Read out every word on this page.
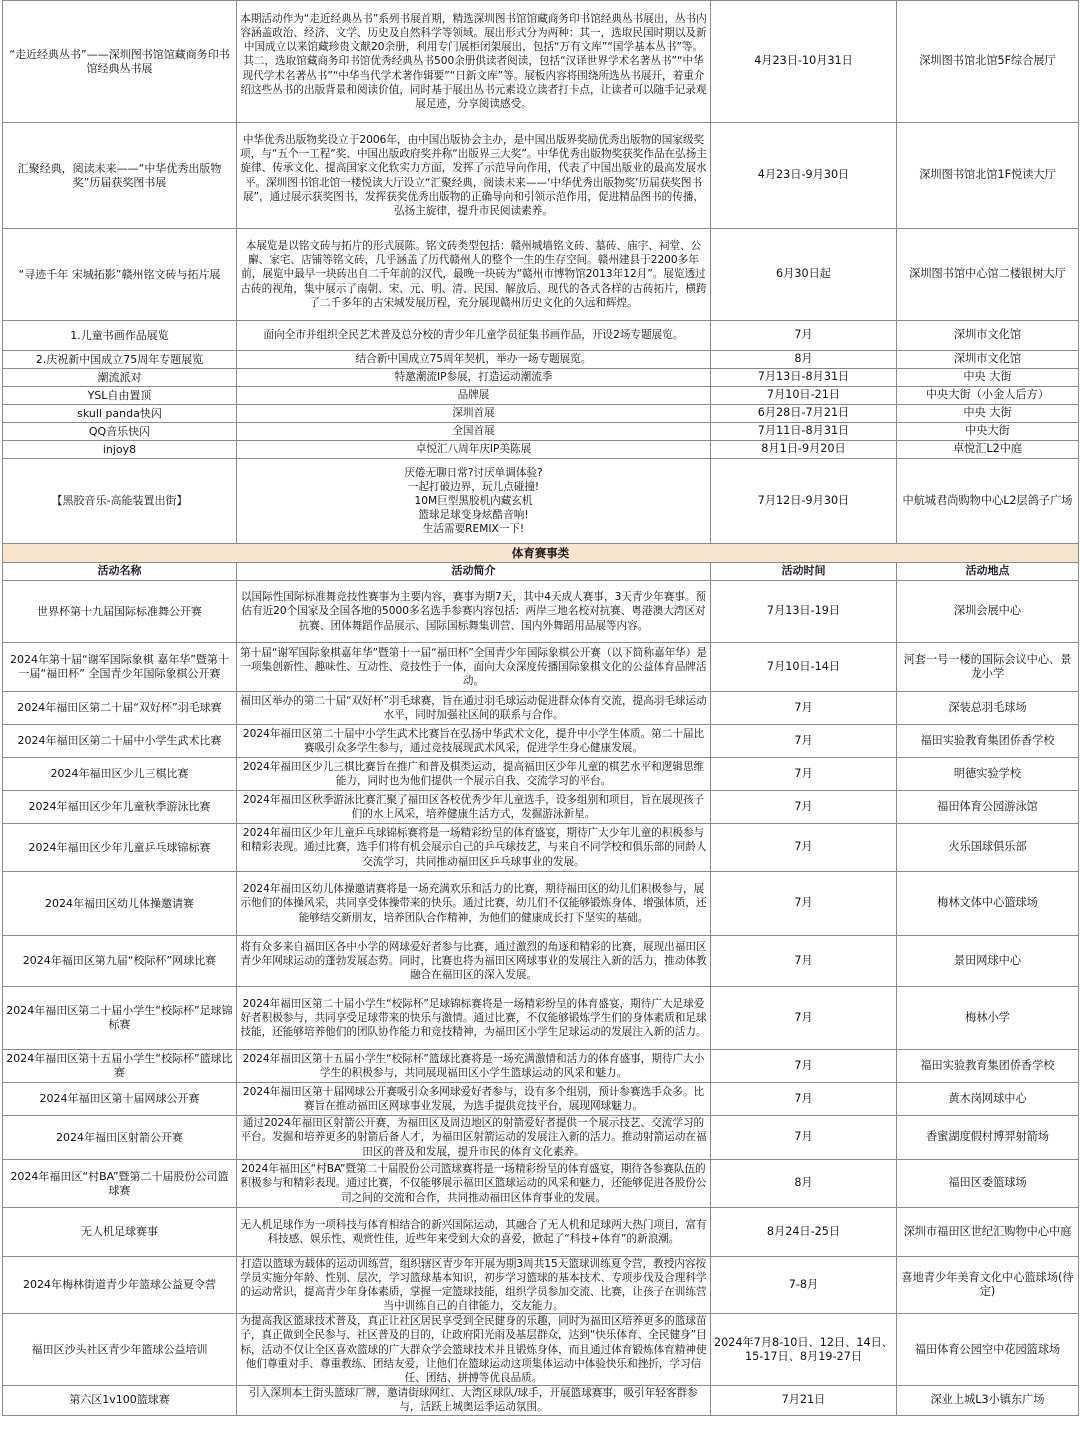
“走近经典丛书”——深圳图书馆馆藏商务印书馆经典丛书展	本期活动作为“走近经典丛书”系列书展首期，精选深圳图书馆馆藏商务印书馆经典丛书展出，丛书内容涵盖政治、经济、文学、历史及自然科学等领域。展出形式分为两种：其一，选取民国时期以及新中国成立以来馆藏珍贵文献20余册，利用专门展柜闭架展出，包括“万有文库”“国学基本丛书”等。其二，选取馆藏商务印书馆优秀经典丛书500余册供读者阅读，包括“汉译世界学术名著丛书”“中华现代学术名著丛书”“中华当代学术著作辑要”“日新文库”等。展板内容将围绕所选丛书展开，着重介绍这些丛书的出版背景和阅读价值，同时基于展出丛书元素设立读者打卡点，让读者可以随手记录观展足迹，分享阅读感受。	4月23日-10月31日	深圳图书馆北馆5F综合展厅
汇聚经典，阅读未来——“中华优秀出版物奖”历届获奖图书展	中华优秀出版物奖设立于2006年，由中国出版协会主办，是中国出版界奖励优秀出版物的国家级奖项，与“五个一工程”奖、中国出版政府奖并称“出版界三大奖”。中华优秀出版物奖获奖作品在弘扬主旋律、传承文化、提高国家文化软实力方面，发挥了示范导向作用，代表了中国出版业的最高发展水平。深圳图书馆北馆一楼悦读大厅设立“汇聚经典，阅读未来——‘中华优秀出版物奖’历届获奖图书展”，通过展示获奖图书，发挥获奖优秀出版物的正确导向和引领示范作用，促进精品图书的传播，弘扬主旋律，提升市民阅读素养。	4月23日-9月30日	深圳图书馆北馆1F悦读大厅
“寻迹千年 宋城拓影”赣州铭文砖与拓片展	本展览是以铭文砖与拓片的形式展陈。铭文砖类型包括：赣州城墙铭文砖、墓砖、庙宇、祠堂、公廨、家宅、店铺等铭文砖，几乎涵盖了历代赣州人的整个一生的生存空间。赣州建县于2200多年前，展览中最早一块砖出自二千年前的汉代，最晚一块砖为“赣州市博物馆2013年12月”。展览透过古砖的视角，集中展示了南朝、宋、元、明、清、民国、解放后、现代的各式各样的古砖拓片，横跨了二千多年的古宋城发展历程，充分展现赣州历史文化的久远和辉煌。	6月30日起	深圳图书馆中心馆二楼银树大厅
1.儿童书画作品展览	面向全市并组织全民艺术普及总分校的青少年儿童学员征集书画作品，开设2场专题展览。	7月	深圳市文化馆
2.庆祝新中国成立75周年专题展览	结合新中国成立75周年契机，举办一场专题展览。	8月	深圳市文化馆
潮流派对	特邀潮流IP参展，打造运动潮流季	7月13日-8月31日	中央 大街
YSL自由置顶	品牌展	7月10日-21日	中央大街（小金人后方）
skull panda快闪	深圳首展	6月28日-7月21日	中央 大街
QQ音乐快闪	全国首展	7月11日-8月31日	中央大街
injoy8	卓悦汇八周年庆IP美陈展	8月1日-9月20日	卓悦汇L2中庭
【黑胶音乐-高能装置出街】	厌倦无聊日常?讨厌单调体验?
一起打破边界，玩儿点碰撞!
10M巨型黑胶机内藏玄机
篮球足球变身炫酷音响!
生活需要REMIX一下!	7月12日-9月30日	中航城君尚购物中心L2层鸽子广场
体育赛事类			
活动名称	活动简介	活动时间	活动地点
世界杯第十九届国际标准舞公开赛	以国际性国际标准舞竞技性赛事为主要内容，赛事为期7天，其中4天成人赛事，3天青少年赛事。预估有近20个国家及全国各地的5000多名选手参赛内容包括：两岸三地名校对抗赛、粤港澳大湾区对抗赛、团体舞蹈作品展示、国际国标舞集训营、国内外舞蹈用品展等内容。	7月13日-19日	深圳会展中心
2024年第十届“谢军国际象棋 嘉年华”暨第十一届“福田杯” 全国青少年国际象棋公开赛	第十届“谢军国际象棋嘉年华”暨第十一届“福田杯”全国青少年国际象棋公开赛（以下简称嘉年华）是一项集创新性、趣味性、互动性、竞技性于一体，面向大众深度传播国际象棋文化的公益体育品牌活动。	7月10日-14日	河套一号一楼的国际会议中心、景龙小学
2024年福田区第二十届“双好杯”羽毛球赛	福田区举办的第二十届“双好杯”羽毛球赛，旨在通过羽毛球运动促进群众体育交流，提高羽毛球运动水平，同时加强社区间的联系与合作。	7月	深装总羽毛球场
2024年福田区第二十届中小学生武术比赛	2024年福田区第二十届中小学生武术比赛旨在弘扬中华武术文化，提升中小学生体质。第二十届比赛吸引众多学生参与，通过竞技展现武术风采，促进学生身心健康发展。	7月	福田实验教育集团侨香学校
2024年福田区少儿三棋比赛	2024年福田区少儿三棋比赛旨在推广和普及棋类运动，提高福田区少年儿童的棋艺水平和逻辑思维能力，同时也为他们提供一个展示自我、交流学习的平台。	7月	明德实验学校
2024年福田区少年儿童秋季游泳比赛	2024年福田区秋季游泳比赛汇聚了福田区各校优秀少年儿童选手，设多组别和项目，旨在展现孩子们的水上风采，培养健康生活方式，发掘游泳新星。	7月	福田体育公园游泳馆
2024年福田区少年儿童乒乓球锦标赛	2024年福田区少年儿童乒乓球锦标赛将是一场精彩纷呈的体育盛宴，期待广大少年儿童的积极参与和精彩表现。通过比赛，选手们将有机会展示自己的乒乓球技艺，与来自不同学校和俱乐部的同龄人交流学习，共同推动福田区乒乓球事业的发展。	7月	火乐国球俱乐部
2024年福田区幼儿体操邀请赛	2024年福田区幼儿体操邀请赛将是一场充满欢乐和活力的比赛，期待福田区的幼儿们积极参与，展示他们的体操风采，共同享受体操带来的快乐。通过比赛，幼儿们不仅能够锻炼身体、增强体质，还能够结交新朋友，培养团队合作精神，为他们的健康成长打下坚实的基础。	7月	梅林文体中心篮球场
2024年福田区第九届“校际杯”网球比赛	将有众多来自福田区各中小学的网球爱好者参与比赛，通过激烈的角逐和精彩的比赛，展现出福田区青少年网球运动的蓬勃发展态势。同时，比赛也将为福田区网球事业的发展注入新的活力，推动体教融合在福田区的深入发展。	7月	景田网球中心
2024年福田区第二十届小学生“校际杯”足球锦标赛	2024年福田区第二十届小学生“校际杯”足球锦标赛将是一场精彩纷呈的体育盛宴，期待广大足球爱好者积极参与，共同享受足球带来的快乐与激情。通过比赛，不仅能够锻炼学生们的身体素质和足球技能，还能够培养他们的团队协作能力和竞技精神，为福田区小学生足球运动的发展注入新的活力。	7月	梅林小学
2024年福田区第十五届小学生“校际杯”篮球比赛	2024年福田区第十五届小学生“校际杯”篮球比赛将是一场充满激情和活力的体育盛事，期待广大小学生的积极参与，共同展现福田区小学生篮球运动的风采和魅力。	7月	福田实验教育集团侨香学校
2024年福田区第十届网球公开赛	2024年福田区第十届网球公开赛吸引众多网球爱好者参与，设有多个组别，预计参赛选手众多。比赛旨在推动福田区网球事业发展，为选手提供竞技平台，展现网球魅力。	7月	黄木岗网球中心
2024年福田区射箭公开赛	通过2024年福田区射箭公开赛，为福田区及周边地区的射箭爱好者提供一个展示技艺、交流学习的平台。发掘和培养更多的射箭后备人才，为福田区射箭运动的发展注入新的活力。推动射箭运动在福田区的普及和发展，提升市民的体育文化素养。	7月	香蜜湖度假村博羿射箭场
2024年福田区“村BA”暨第二十届股份公司篮球赛	2024年福田区“村BA”暨第二十届股份公司篮球赛将是一场精彩纷呈的体育盛宴，期待各参赛队伍的积极参与和精彩表现。通过比赛，不仅能够展示福田区篮球运动的风采和魅力，还能够促进各股份公司之间的交流和合作，共同推动福田区体育事业的发展。	8月	福田区委篮球场
无人机足球赛事	无人机足球作为一项科技与体育相结合的新兴国际运动，其融合了无人机和足球两大热门项目，富有科技感、娱乐性、观赏性佳，近些年来受到大众的喜爱，掀起了“科技+体育”的新浪潮。	8月24日-25日	深圳市福田区世纪汇购物中心中庭
2024年梅林街道青少年篮球公益夏令营	打造以篮球为载体的运动训练营，组织辖区青少年开展为期3周共15天篮球训练夏令营，教授内容按学员实施分年龄、性别、层次，学习篮球基本知识，初步学习篮球的基本技术、专项步伐及合理科学的运动常识，提高青少年身体素质，掌握一定篮球技能，组织学员参加交流、比赛，让孩子在训练营当中训练自己的自律能力，交友能力。	7-8月	喜地青少年美育文化中心篮球场(待定)
福田区沙头社区青少年篮球公益培训	为提高我区篮球技术普及，真正让社区居民享受到全民健身的乐趣，同时为福田区培养更多的篮球苗子，真正做到全民参与、社区普及的目的，让政府阳光雨及基层群众，达到“快乐体育、全民健身”目标，活动不仅让全区喜欢篮球的广大群众学会篮球技术并且锻炼身体，而且通过体育锻炼体育精神使他们尊重对手、尊重教练、团结友爱，让他们在篮球运动这项集体运动中体验快乐和挫折，学习信任、团结、拼搏等优良品质。	2024年7月8-10日、12日、14日、15-17日、8月19-27日	福田体育公园空中花园篮球场
第六区1v100篮球赛	引入深圳本土街头篮球厂牌，邀请街球网红、大湾区球队/球手，开展篮球赛事，吸引年轻客群参与，活跃上城奥运季运动氛围。	7月21日	深业上城L3小镇东广场
